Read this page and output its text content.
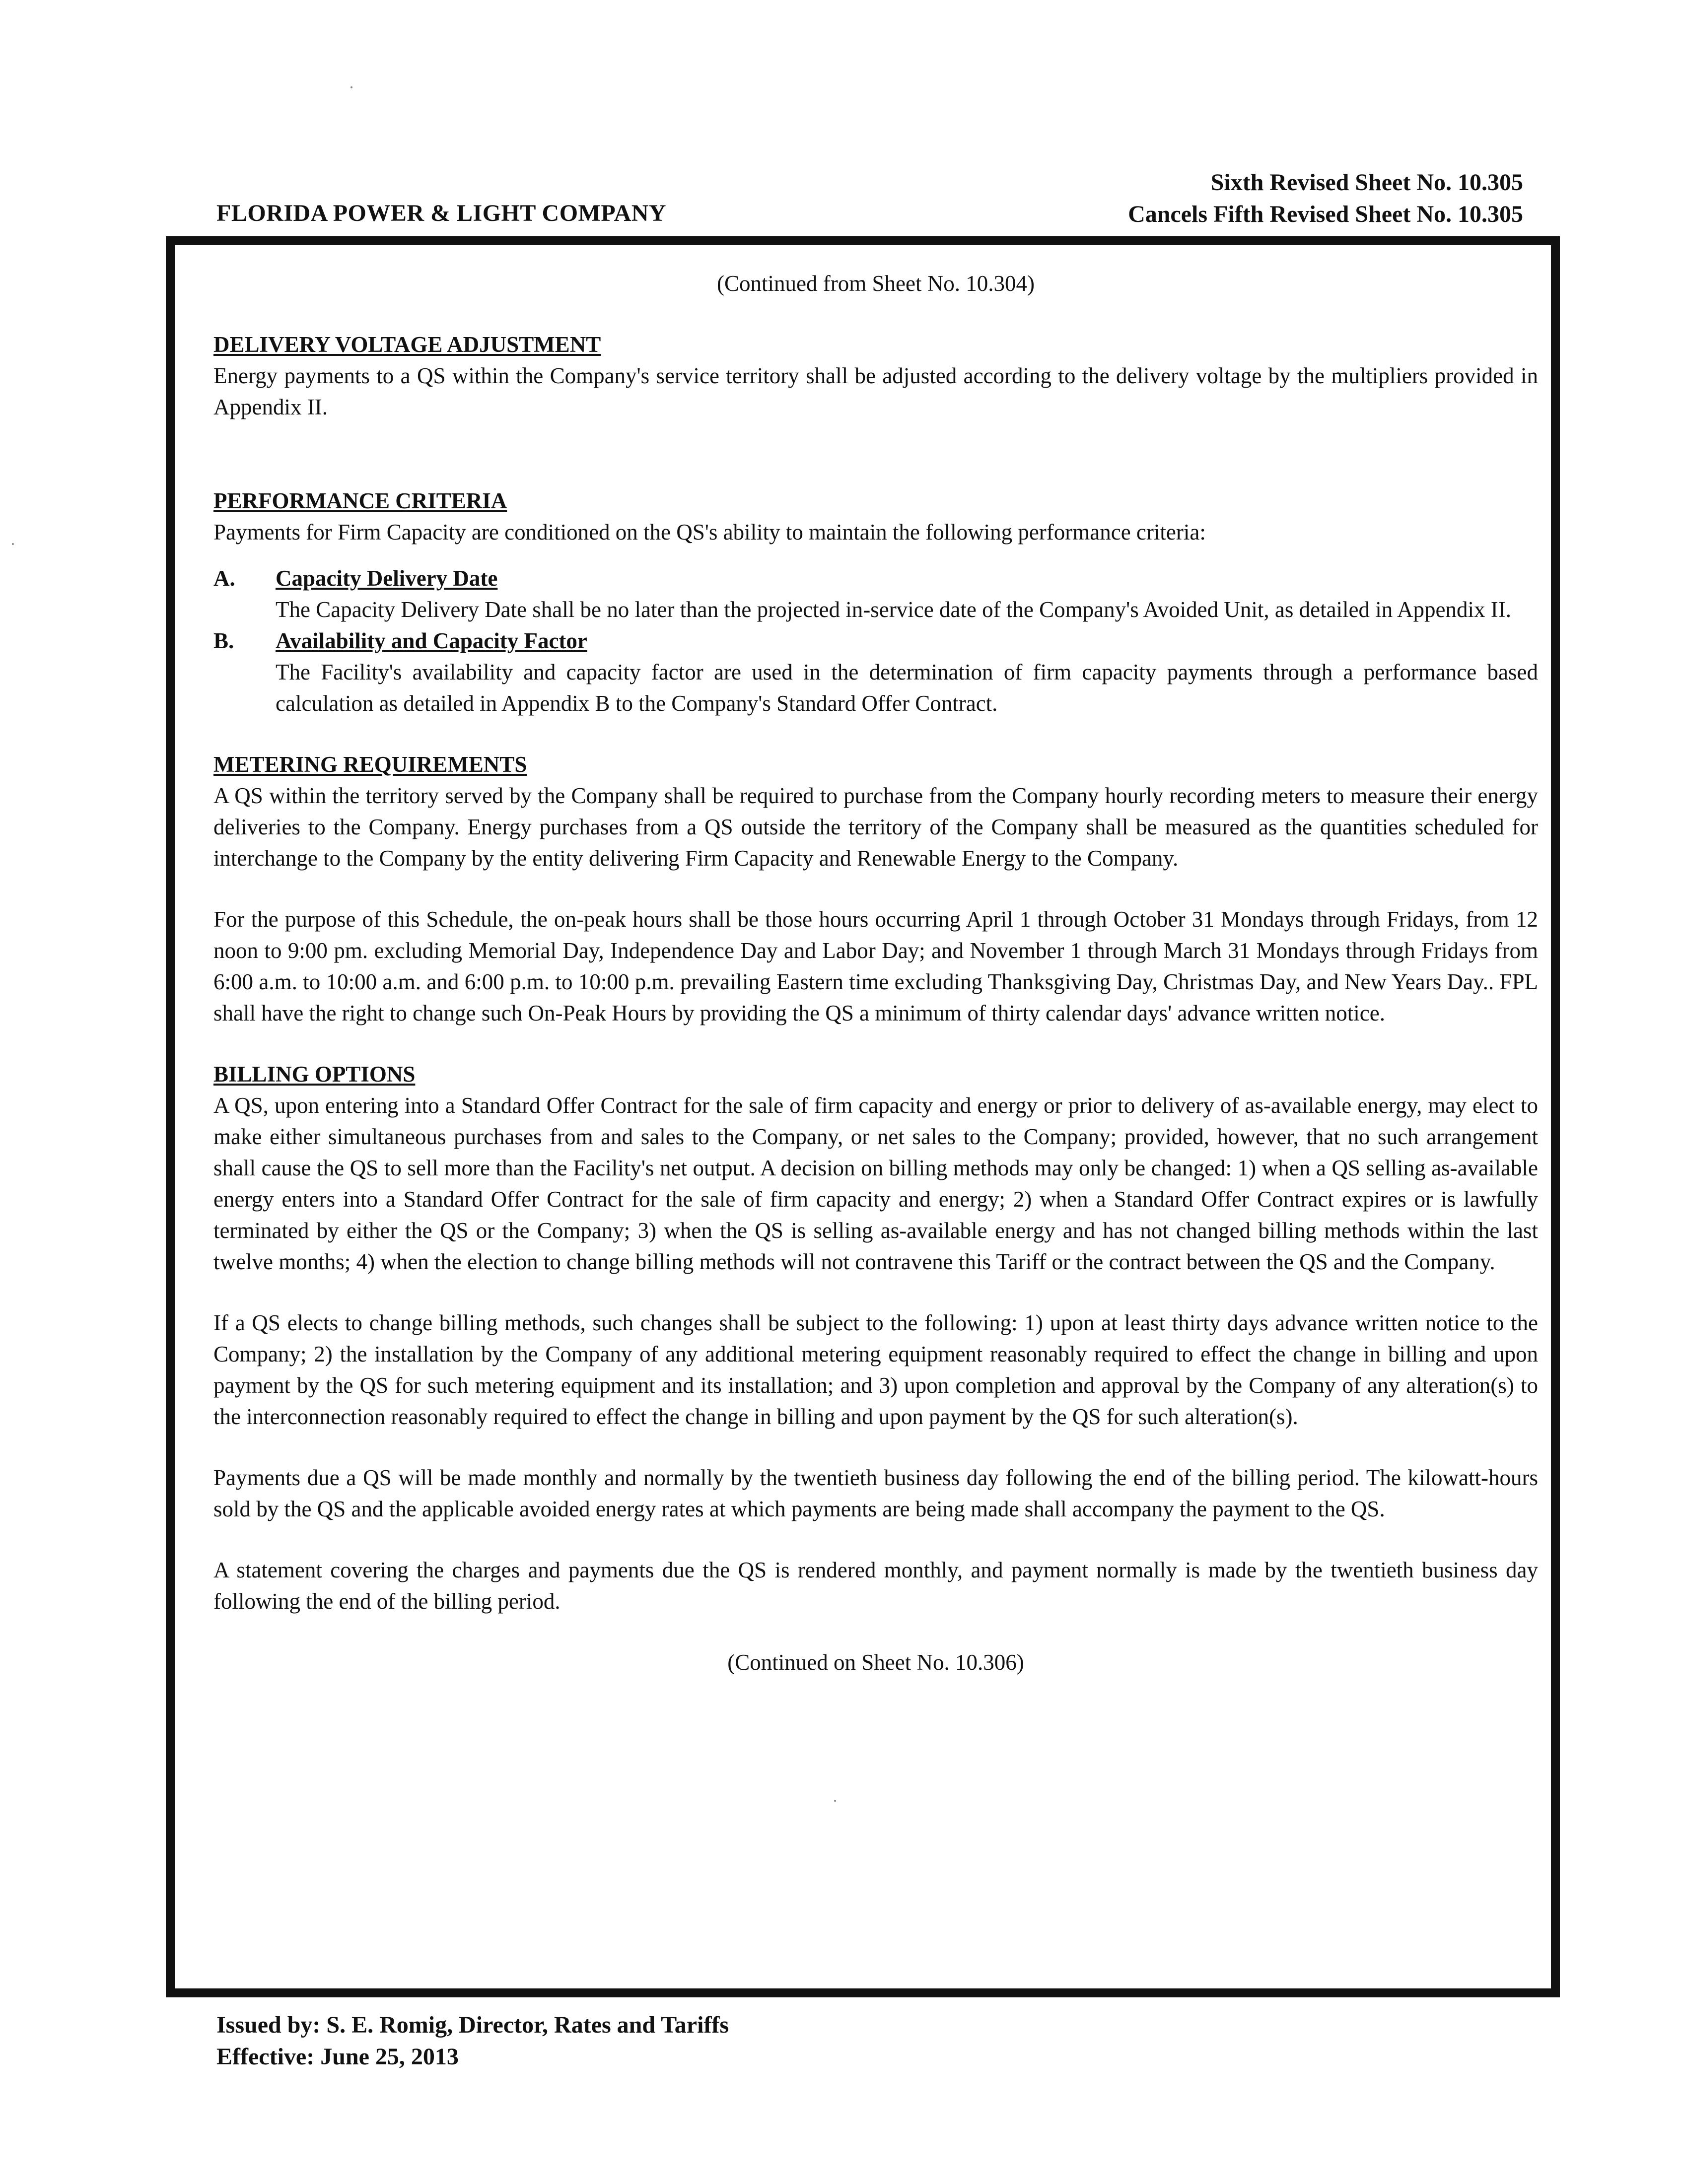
FLORIDA POWER & LIGHT COMPANY
Sixth Revised Sheet No. 10.305
Cancels Fifth Revised Sheet No. 10.305
(Continued from Sheet No. 10.304)
DELIVERY VOLTAGE ADJUSTMENT

Energy payments to a QS within the Company's service territory shall be adjusted according to the delivery voltage by the multipliers provided in Appendix II.

PERFORMANCE CRITERIA

Payments for Firm Capacity are conditioned on the QS's ability to maintain the following performance criteria:

A.	Capacity Delivery Date

The Capacity Delivery Date shall be no later than the projected in-service date of the Company's Avoided Unit, as detailed in Appendix II.

B.	Availability and Capacity Factor

The Facility's availability and capacity factor are used in the determination of firm capacity payments through a performance based calculation as detailed in Appendix B to the Company's Standard Offer Contract.

METERING REQUIREMENTS

A QS within the territory served by the Company shall be required to purchase from the Company hourly recording meters to measure their energy deliveries to the Company. Energy purchases from a QS outside the territory of the Company shall be measured as the quantities scheduled for interchange to the Company by the entity delivering Firm Capacity and Renewable Energy to the Company.

For the purpose of this Schedule, the on-peak hours shall be those hours occurring April 1 through October 31 Mondays through Fridays, from 12 noon to 9:00 pm. excluding Memorial Day, Independence Day and Labor Day; and November 1 through March 31 Mondays through Fridays from 6:00 a.m. to 10:00 a.m. and 6:00 p.m. to 10:00 p.m. prevailing Eastern time excluding Thanksgiving Day, Christmas Day, and New Years Day.. FPL shall have the right to change such On-Peak Hours by providing the QS a minimum of thirty calendar days' advance written notice.

BILLING OPTIONS

A QS, upon entering into a Standard Offer Contract for the sale of firm capacity and energy or prior to delivery of as-available energy, may elect to make either simultaneous purchases from and sales to the Company, or net sales to the Company; provided, however, that no such arrangement shall cause the QS to sell more than the Facility's net output. A decision on billing methods may only be changed: 1) when a QS selling as-available energy enters into a Standard Offer Contract for the sale of firm capacity and energy; 2) when a Standard Offer Contract expires or is lawfully terminated by either the QS or the Company; 3) when the QS is selling as-available energy and has not changed billing methods within the last twelve months; 4) when the election to change billing methods will not contravene this Tariff or the contract between the QS and the Company.

If a QS elects to change billing methods, such changes shall be subject to the following: 1) upon at least thirty days advance written notice to the Company; 2) the installation by the Company of any additional metering equipment reasonably required to effect the change in billing and upon payment by the QS for such metering equipment and its installation; and 3) upon completion and approval by the Company of any alteration(s) to the interconnection reasonably required to effect the change in billing and upon payment by the QS for such alteration(s).

Payments due a QS will be made monthly and normally by the twentieth business day following the end of the billing period. The kilowatt-hours sold by the QS and the applicable avoided energy rates at which payments are being made shall accompany the payment to the QS.

A statement covering the charges and payments due the QS is rendered monthly, and payment normally is made by the twentieth business day following the end of the billing period.

(Continued on Sheet No. 10.306)
Issued by: S. E. Romig, Director, Rates and Tariffs
Effective: June 25, 2013
